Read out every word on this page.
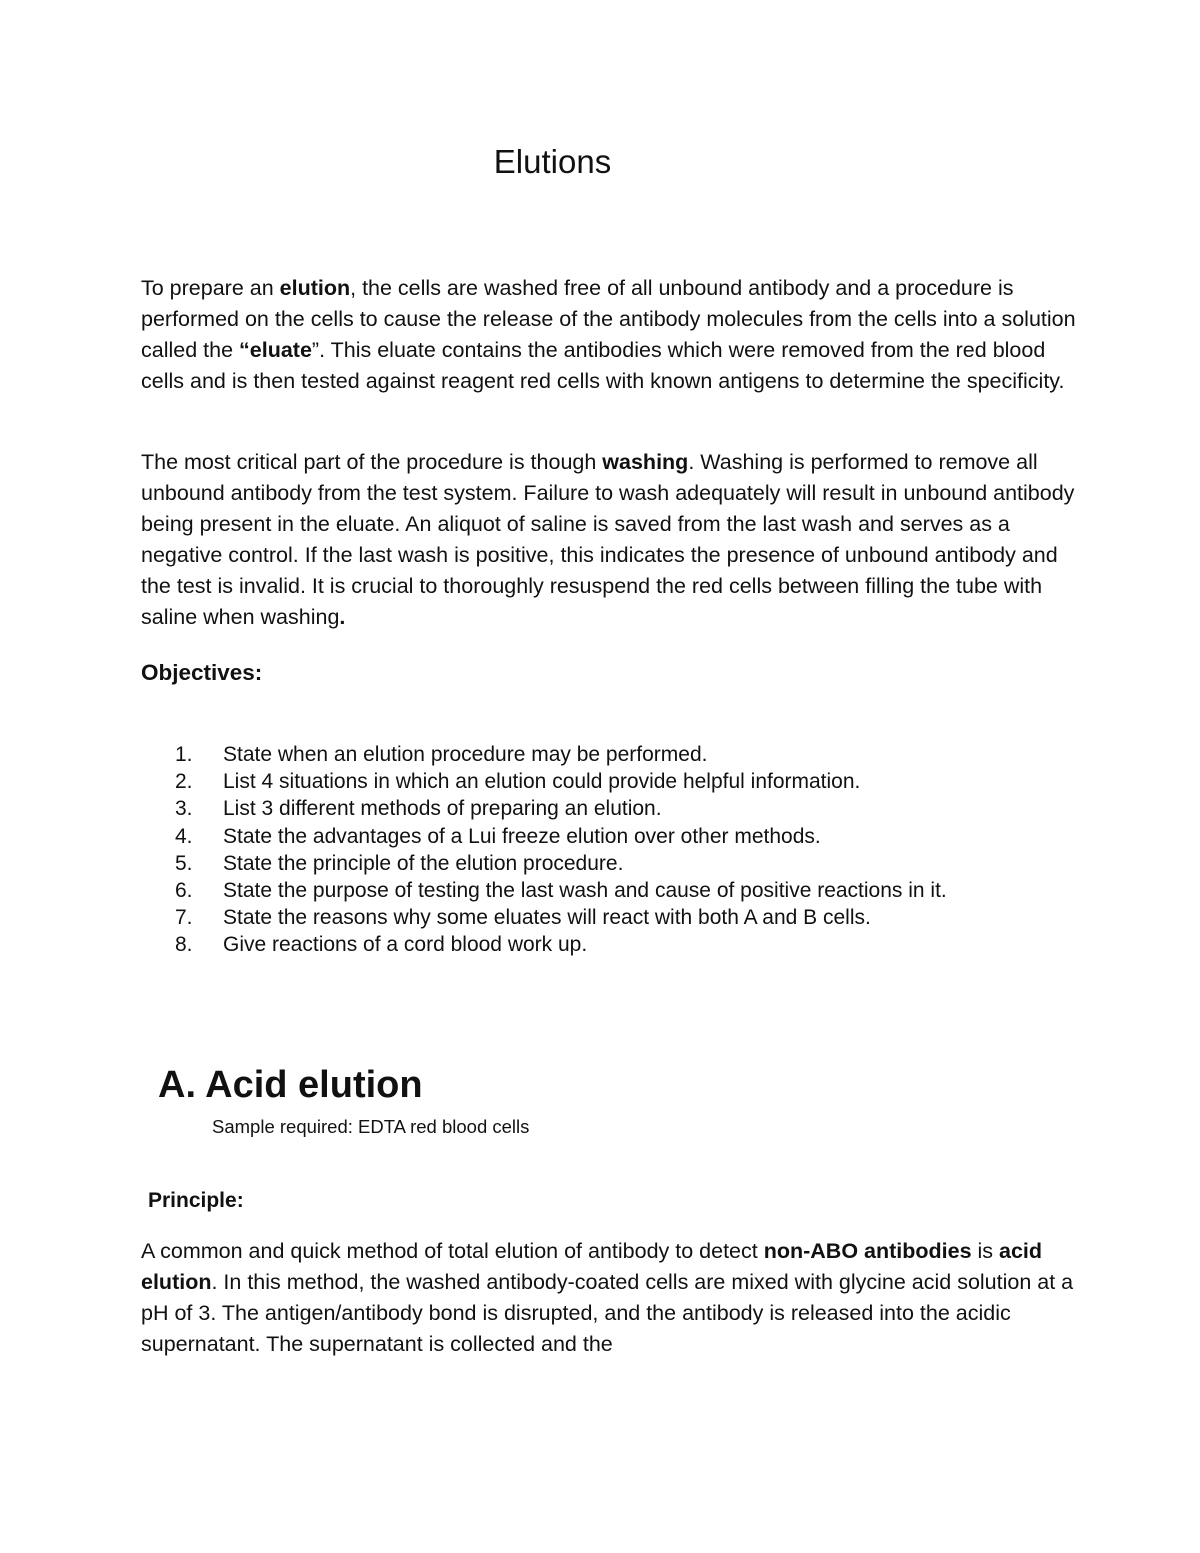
Elutions

To prepare an elution, the cells are washed free of all unbound antibody and a procedure is performed on the cells to cause the release of the antibody molecules from the cells into a solution called the “eluate”. This eluate contains the antibodies which were removed from the red blood cells and is then tested against reagent red cells with known antigens to determine the specificity.

The most critical part of the procedure is though washing. Washing is performed to remove all unbound antibody from the test system. Failure to wash adequately will result in unbound antibody being present in the eluate. An aliquot of saline is saved from the last wash and serves as a negative control. If the last wash is positive, this indicates the presence of unbound antibody and the test is invalid. It is crucial to thoroughly resuspend the red cells between filling the tube with saline when washing.

Objectives:
1.	State when an elution procedure may be performed.
2.	List 4 situations in which an elution could provide helpful information.
3.	List 3 different methods of preparing an elution.
4.	State the advantages of a Lui freeze elution over other methods.
5.	State the principle of the elution procedure.
6.	State the purpose of testing the last wash and cause of positive reactions in it.
7.	State the reasons why some eluates will react with both A and B cells.
8.	Give reactions of a cord blood work up.
A. Acid elution

Sample required: EDTA red blood cells

Principle:

A common and quick method of total elution of antibody to detect non-ABO antibodies is acid elution. In this method, the washed antibody-coated cells are mixed with glycine acid solution at a pH of 3. The antigen/antibody bond is disrupted, and the antibody is released into the acidic supernatant. The supernatant is collected and the
